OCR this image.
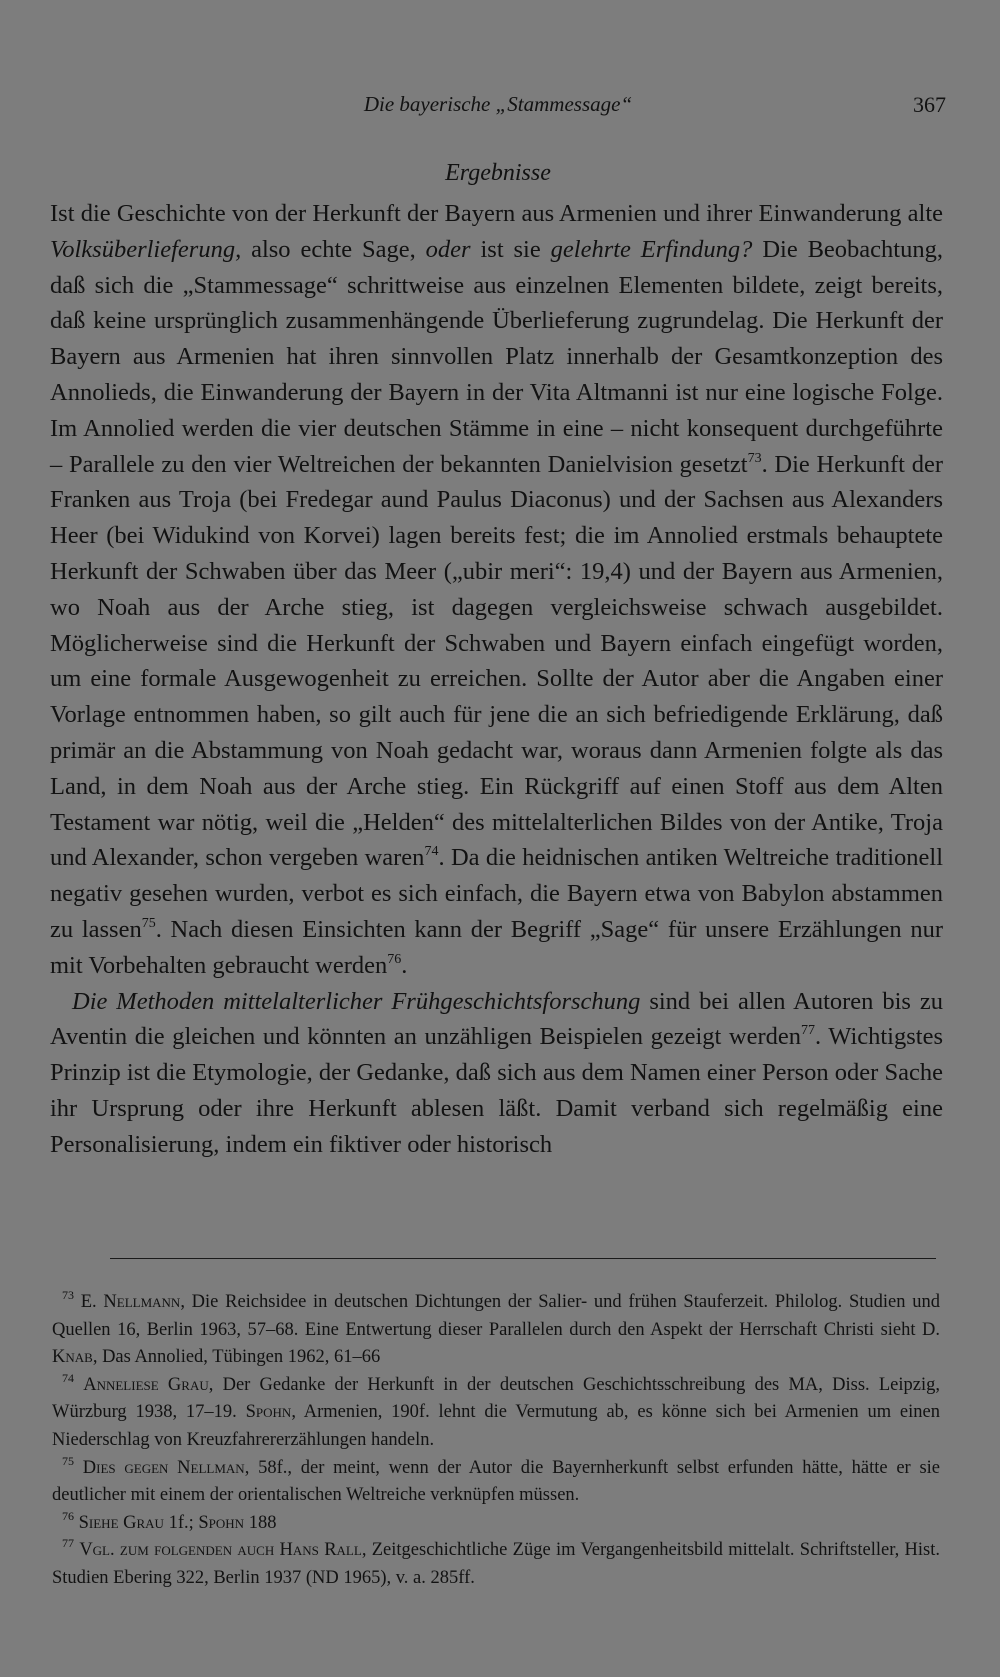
Die bayerische „Stammessage“	367
Ergebnisse

Ist die Geschichte von der Herkunft der Bayern aus Armenien und ihrer Einwanderung alte Volksüberlieferung, also echte Sage, oder ist sie gelehrte Erfindung? Die Beobachtung, daß sich die „Stammessage“ schrittweise aus einzelnen Elementen bildete, zeigt bereits, daß keine ursprünglich zusammenhängende Überlieferung zugrundelag. Die Herkunft der Bayern aus Armenien hat ihren sinnvollen Platz innerhalb der Gesamtkonzeption des Annolieds, die Einwanderung der Bayern in der Vita Altmanni ist nur eine logische Folge. Im Annolied werden die vier deutschen Stämme in eine – nicht konsequent durchgeführte – Parallele zu den vier Weltreichen der bekannten Danielvision gesetzt$^{73}$. Die Herkunft der Franken aus Troja (bei Fredegar aund Paulus Diaconus) und der Sachsen aus Alexanders Heer (bei Widukind von Korvei) lagen bereits fest; die im Annolied erstmals behauptete Herkunft der Schwaben über das Meer („ubir meri“: 19,4) und der Bayern aus Armenien, wo Noah aus der Arche stieg, ist dagegen vergleichsweise schwach ausgebildet. Möglicherweise sind die Herkunft der Schwaben und Bayern einfach eingefügt worden, um eine formale Ausgewogenheit zu erreichen. Sollte der Autor aber die Angaben einer Vorlage entnommen haben, so gilt auch für jene die an sich befriedigende Erklärung, daß primär an die Abstammung von Noah gedacht war, woraus dann Armenien folgte als das Land, in dem Noah aus der Arche stieg. Ein Rückgriff auf einen Stoff aus dem Alten Testament war nötig, weil die „Helden“ des mittelalterlichen Bildes von der Antike, Troja und Alexander, schon vergeben waren$^{74}$. Da die heidnischen antiken Weltreiche traditionell negativ gesehen wurden, verbot es sich einfach, die Bayern etwa von Babylon abstammen zu lassen$^{75}$. Nach diesen Einsichten kann der Begriff „Sage“ für unsere Erzählungen nur mit Vorbehalten gebraucht werden$^{76}$.

Die Methoden mittelalterlicher Frühgeschichtsforschung sind bei allen Autoren bis zu Aventin die gleichen und könnten an unzähligen Beispielen gezeigt werden$^{77}$. Wichtigstes Prinzip ist die Etymologie, der Gedanke, daß sich aus dem Namen einer Person oder Sache ihr Ursprung oder ihre Herkunft ablesen läßt. Damit verband sich regelmäßig eine Personalisierung, indem ein fiktiver oder historisch

$^{73}$ E. Nellmann, Die Reichsidee in deutschen Dichtungen der Salier- und frühen Stauferzeit. Philolog. Studien und Quellen 16, Berlin 1963, 57–68. Eine Entwertung dieser Parallelen durch den Aspekt der Herrschaft Christi sieht D. Knab, Das Annolied, Tübingen 1962, 61–66

$^{74}$ Anneliese Grau, Der Gedanke der Herkunft in der deutschen Geschichtsschreibung des MA, Diss. Leipzig, Würzburg 1938, 17–19. Spohn, Armenien, 190f. lehnt die Vermutung ab, es könne sich bei Armenien um einen Niederschlag von Kreuzfahrererzählungen handeln.

$^{75}$ Dies gegen Nellman, 58f., der meint, wenn der Autor die Bayernherkunft selbst erfunden hätte, hätte er sie deutlicher mit einem der orientalischen Weltreiche verknüpfen müssen.

$^{76}$ Siehe Grau 1f.; Spohn 188

$^{77}$ Vgl. zum folgenden auch Hans Rall, Zeitgeschichtliche Züge im Vergangenheitsbild mittelalt. Schriftsteller, Hist. Studien Ebering 322, Berlin 1937 (ND 1965), v. a. 285ff.
